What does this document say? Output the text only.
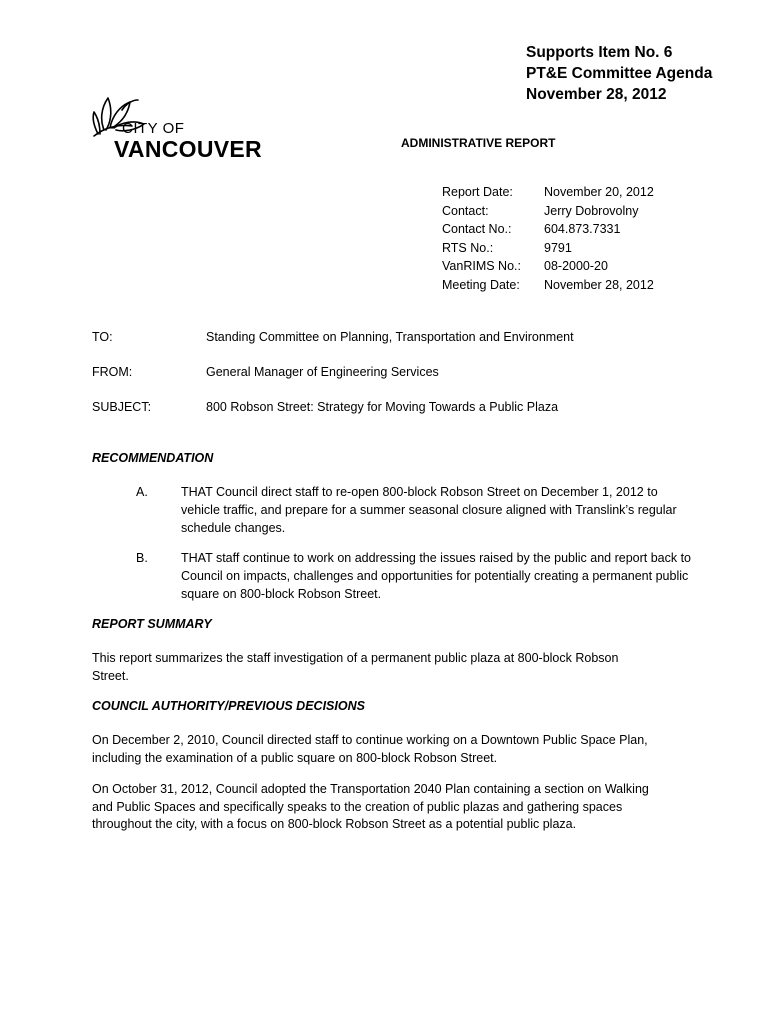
Supports Item No. 6
PT&E Committee Agenda
November 28, 2012
CITY OF
VANCOUVER	ADMINISTRATIVE REPORT
Report Date:	November 20, 2012
Contact:	Jerry Dobrovolny
Contact No.:	604.873.7331
RTS No.:	9791
VanRIMS No.:	08-2000-20
Meeting Date:	November 28, 2012
TO:	Standing Committee on Planning, Transportation and Environment
FROM:	General Manager of Engineering Services
SUBJECT:	800 Robson Street: Strategy for Moving Towards a Public Plaza
RECOMMENDATION
A.	THAT Council direct staff to re-open 800-block Robson Street on December 1, 2012 to vehicle traffic, and prepare for a summer seasonal closure aligned with Translink’s regular schedule changes.
B.	THAT staff continue to work on addressing the issues raised by the public and report back to Council on impacts, challenges and opportunities for potentially creating a permanent public square on 800-block Robson Street.
REPORT SUMMARY
This report summarizes the staff investigation of a permanent public plaza at 800-block Robson Street.
COUNCIL AUTHORITY/PREVIOUS DECISIONS
On December 2, 2010, Council directed staff to continue working on a Downtown Public Space Plan, including the examination of a public square on 800-block Robson Street.
On October 31, 2012, Council adopted the Transportation 2040 Plan containing a section on Walking and Public Spaces and specifically speaks to the creation of public plazas and gathering spaces throughout the city, with a focus on 800-block Robson Street as a potential public plaza.
